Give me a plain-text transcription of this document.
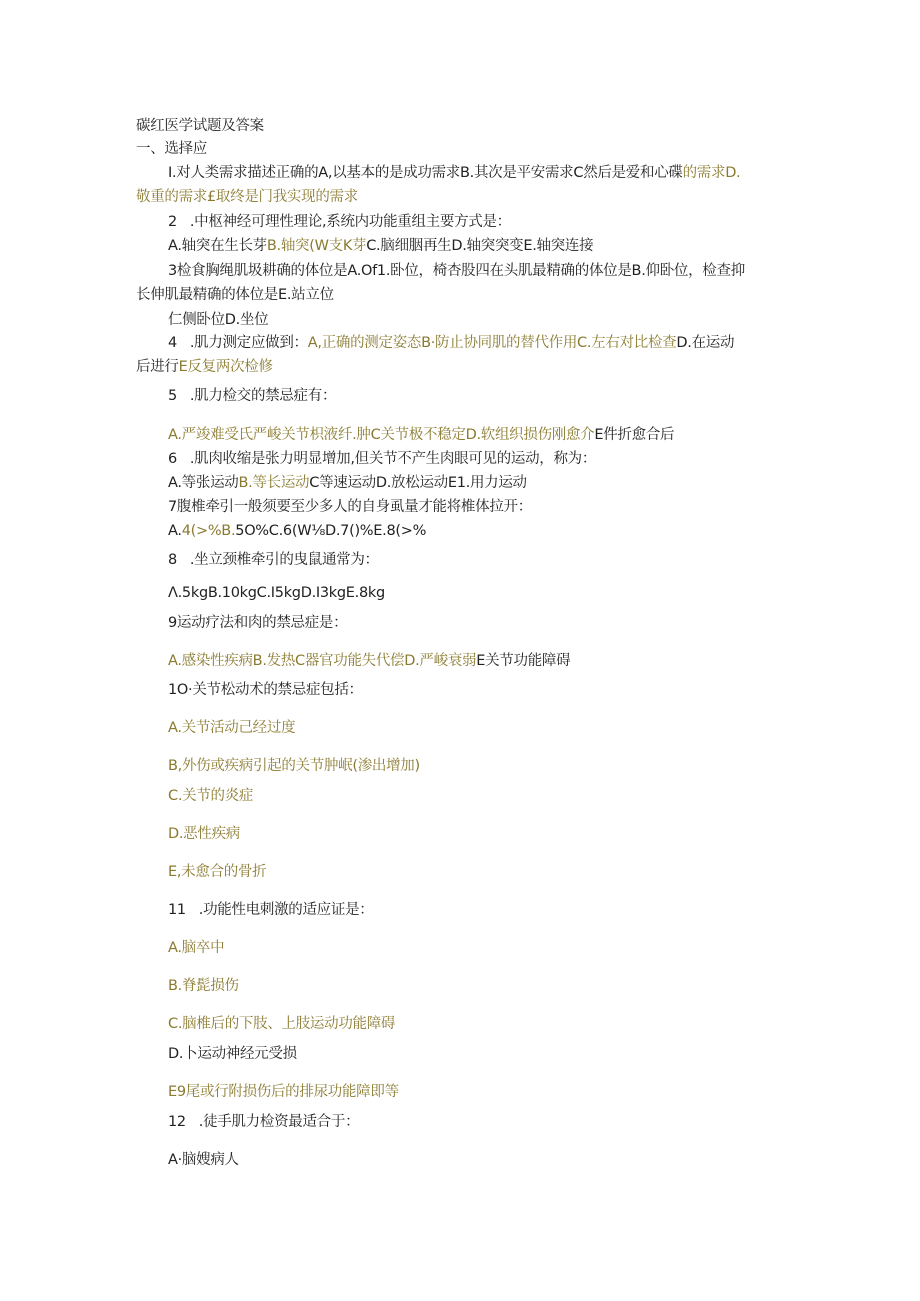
碳红医学试题及答案
一、选择应
I.对人类需求描述正确的A,以基本的是成功需求B.其次是平安需求C然后是爱和心碟的需求D.
敬重的需求£取终是门我实现的需求
2   .中枢神经可理性理论,系统内功能重组主要方式是：
A.轴突在生长芽B.轴突(W支K芽C.脑细胭再生D.轴突突变E.轴突连接
3检食胸绳肌圾耕确的体位是A.Of1.卧位，椅杏股四在头肌最精确的体位是B.仰卧位，检查抑
长伸肌最精确的体位是E.站立位
仁侧卧位D.坐位
4   .肌力测定应做到：A,正确的测定姿态B·防止协同肌的替代作用C.左右对比检查D.在运动
后进行E反复两次检修
5   .肌力检交的禁忌症有：
A.严竣难受氏严峻关节枳液纤.肿C关节极不稳定D.软组织损伤刚愈介E件折愈合后
6   .肌肉收缩是张力明显增加,但关节不产生肉眼可见的运动，称为：
A.等张运动B.等长运动C等速运动D.放松运动E1.用力运动
7腹椎牵引一般须要至少多人的自身虱量才能将椎体拉开：
A.4(>%B.5O%C.6(W⅛D.7()%E.8(>%
8   .坐立颈椎牵引的曳鼠通常为：
Λ.5kgB.10kgC.I5kgD.I3kgE.8kg
9运动疗法和肉的禁忌症是：
A.感染性疾病B.发热C器官功能失代偿D.严峻衰弱E关节功能障碍
1O·关节松动术的禁忌症包括：
A.关节活动己经过度
B,外伤或疾病引起的关节肿岷(渗出增加)
C.关节的炎症
D.恶性疾病
E,未愈合的骨折
11   .功能性电刺激的适应证是：
A.脑卒中
B.脊髭损伤
C.脑椎后的下肢、上肢运动功能障碍
D.卜运动神经元受损
E9尾或行附损伤后的排尿功能障即等
12   .徒手肌力检资最适合于：
A·脑嫂病人
